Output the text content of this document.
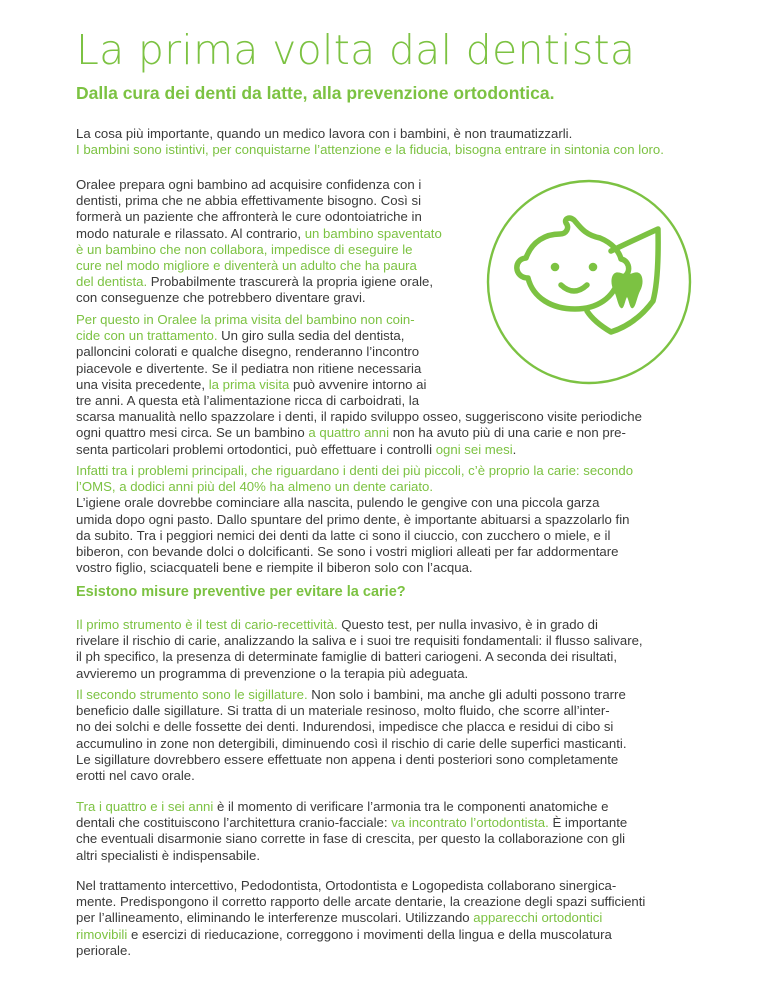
La prima volta dal dentista
Dalla cura dei denti da latte, alla prevenzione ortodontica.

La cosa più importante, quando un medico lavora con i bambini, è non traumatizzarli.
I bambini sono istintivi, per conquistarne l’attenzione e la fiducia, bisogna entrare in sintonia con loro.

Oralee prepara ogni bambino ad acquisire confidenza con i
dentisti, prima che ne abbia effettivamente bisogno. Così si
formerà un paziente che affronterà le cure odontoiatriche in
modo naturale e rilassato. Al contrario, un bambino spaventato
è un bambino che non collabora, impedisce di eseguire le
cure nel modo migliore e diventerà un adulto che ha paura
del dentista. Probabilmente trascurerà la propria igiene orale,
con conseguenze che potrebbero diventare gravi.

Per questo in Oralee la prima visita del bambino non coin-
cide con un trattamento. Un giro sulla sedia del dentista,
palloncini colorati e qualche disegno, renderanno l’incontro
piacevole e divertente. Se il pediatra non ritiene necessaria
una visita precedente, la prima visita può avvenire intorno ai
tre anni. A questa età l’alimentazione ricca di carboidrati, la
scarsa manualità nello spazzolare i denti, il rapido sviluppo osseo, suggeriscono visite periodiche
ogni quattro mesi circa. Se un bambino a quattro anni non ha avuto più di una carie e non pre-
senta particolari problemi ortodontici, può effettuare i controlli ogni sei mesi.

Infatti tra i problemi principali, che riguardano i denti dei più piccoli, c’è proprio la carie: secondo
l’OMS, a dodici anni più del 40% ha almeno un dente cariato.
L’igiene orale dovrebbe cominciare alla nascita, pulendo le gengive con una piccola garza
umida dopo ogni pasto. Dallo spuntare del primo dente, è importante abituarsi a spazzolarlo fin
da subito. Tra i peggiori nemici dei denti da latte ci sono il ciuccio, con zucchero o miele, e il
biberon, con bevande dolci o dolcificanti. Se sono i vostri migliori alleati per far addormentare
vostro figlio, sciacquateli bene e riempite il biberon solo con l’acqua.

Esistono misure preventive per evitare la carie?

Il primo strumento è il test di cario-recettività. Questo test, per nulla invasivo, è in grado di
rivelare il rischio di carie, analizzando la saliva e i suoi tre requisiti fondamentali: il flusso salivare,
il ph specifico, la presenza di determinate famiglie di batteri cariogeni. A seconda dei risultati,
avvieremo un programma di prevenzione o la terapia più adeguata.

Il secondo strumento sono le sigillature. Non solo i bambini, ma anche gli adulti possono trarre
beneficio dalle sigillature. Si tratta di un materiale resinoso, molto fluido, che scorre all’inter-
no dei solchi e delle fossette dei denti. Indurendosi, impedisce che placca e residui di cibo si
accumulino in zone non detergibili, diminuendo così il rischio di carie delle superfici masticanti.
Le sigillature dovrebbero essere effettuate non appena i denti posteriori sono completamente
erotti nel cavo orale.

Tra i quattro e i sei anni è il momento di verificare l’armonia tra le componenti anatomiche e
dentali che costituiscono l’architettura cranio-facciale: va incontrato l’ortodontista. È importante
che eventuali disarmonie siano corrette in fase di crescita, per questo la collaborazione con gli
altri specialisti è indispensabile.

Nel trattamento intercettivo, Pedodontista, Ortodontista e Logopedista collaborano sinergica-
mente. Predispongono il corretto rapporto delle arcate dentarie, la creazione degli spazi sufficienti
per l’allineamento, eliminando le interferenze muscolari. Utilizzando apparecchi ortodontici
rimovibili e esercizi di rieducazione, correggono i movimenti della lingua e della muscolatura
periorale.
